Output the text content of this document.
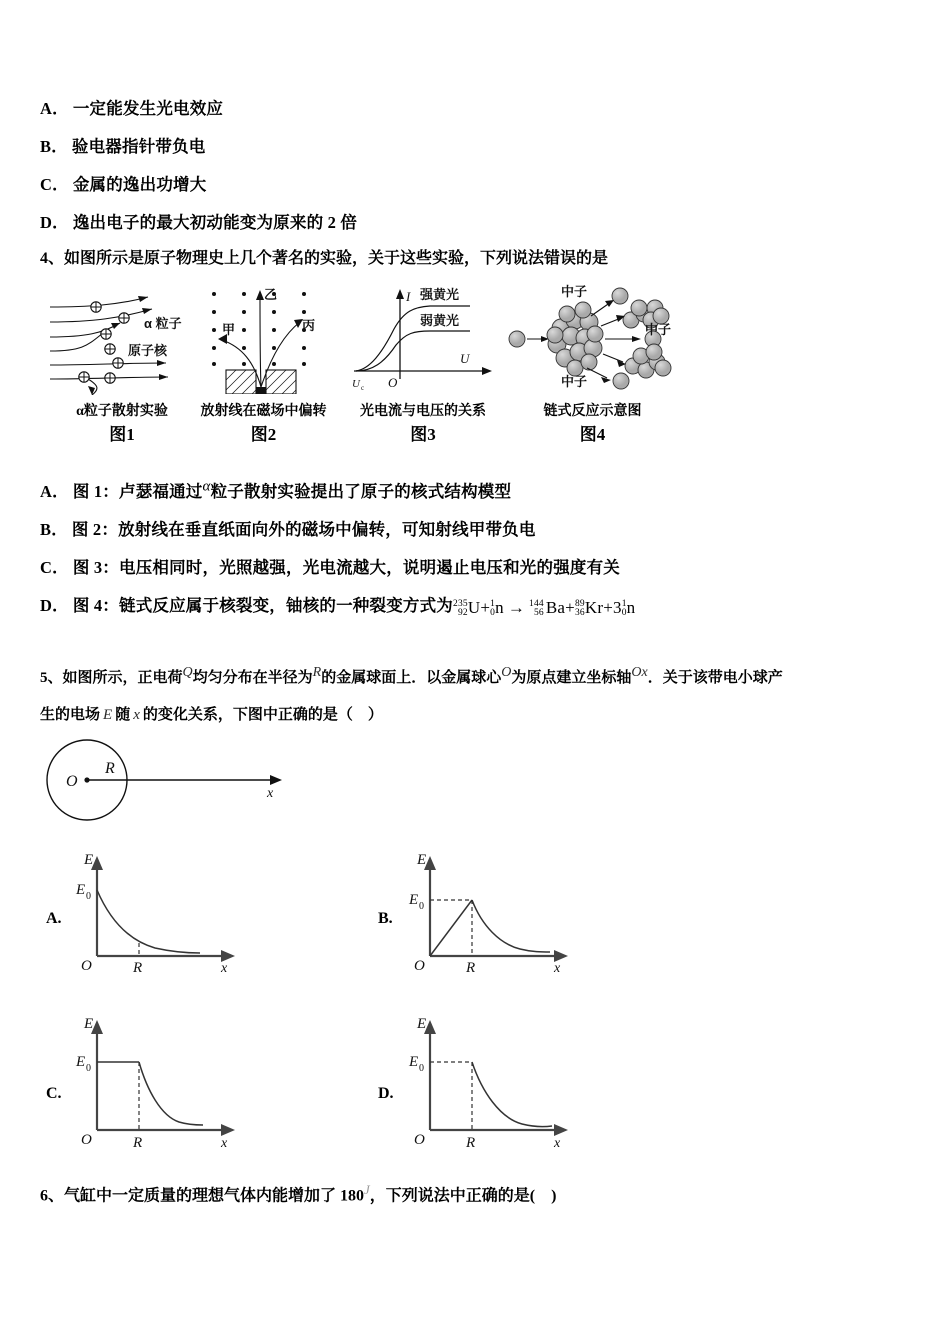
A． 一定能发生光电效应
B． 验电器指针带负电
C． 金属的逸出功增大
D． 逸出电子的最大初动能变为原来的 2 倍
4、如图所示是原子物理史上几个著名的实验，关于这些实验，下列说法错误的是
α 粒子
原子核
α粒子散射实验
图1
甲
乙
丙
放射线在磁场中偏转
图2
I
U
O
U c
强黄光
弱黄光
光电流与电压的关系
图3
中子
中子
中子
链式反应示意图
图4
A． 图 1：卢瑟福通过α粒子散射实验提出了原子的核式结构模型
B． 图 2：放射线在垂直纸面向外的磁场中偏转，可知射线甲带负电
C． 图 3：电压相同时，光照越强，光电流越大，说明遏止电压和光的强度有关
D． 图 4：链式反应属于核裂变，铀核的一种裂变方式为 235
92 U+ 1
0 n → 144
56 Ba+ 89
36 Kr+3 1
0 n
5、如图所示，正电荷Q均匀分布在半径为R的金属球面上．以金属球心O为原点建立坐标轴Ox．关于该带电小球产
生的电场 E 随 x 的变化关系，下图中正确的是（　）
O
R
x
A.
E
E 0
O	R	x
B.
E
E 0
O	R	x
C.
E
E 0
O	R	x
D.
E
E 0
O	R	x
6、气缸中一定质量的理想气体内能增加了 $180^J$，下列说法中正确的是(　)
